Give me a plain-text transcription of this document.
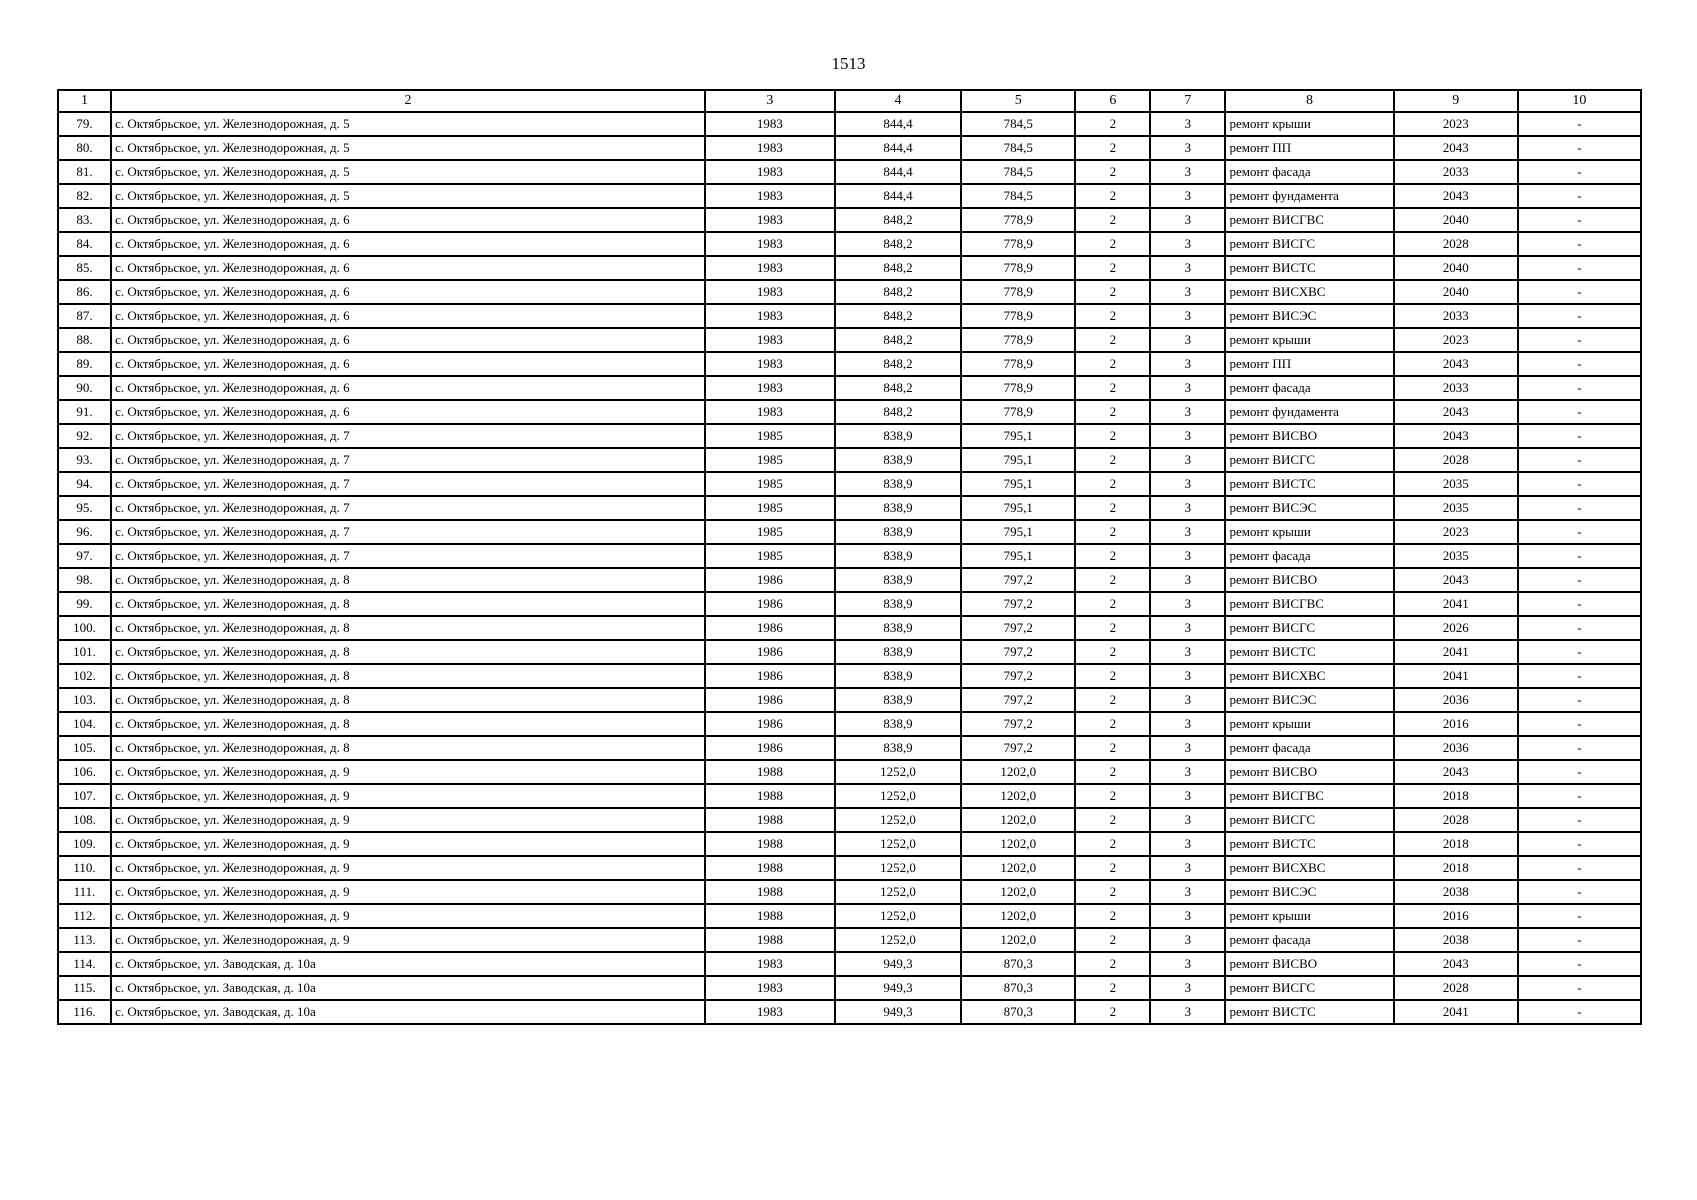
1513
1	2	3	4	5	6	7	8	9	10
79.	с. Октябрьское, ул. Железнодорожная, д. 5	1983	844,4	784,5	2	3	ремонт крыши	2023	-
80.	с. Октябрьское, ул. Железнодорожная, д. 5	1983	844,4	784,5	2	3	ремонт ПП	2043	-
81.	с. Октябрьское, ул. Железнодорожная, д. 5	1983	844,4	784,5	2	3	ремонт фасада	2033	-
82.	с. Октябрьское, ул. Железнодорожная, д. 5	1983	844,4	784,5	2	3	ремонт фундамента	2043	-
83.	с. Октябрьское, ул. Железнодорожная, д. 6	1983	848,2	778,9	2	3	ремонт ВИСГВС	2040	-
84.	с. Октябрьское, ул. Железнодорожная, д. 6	1983	848,2	778,9	2	3	ремонт ВИСГС	2028	-
85.	с. Октябрьское, ул. Железнодорожная, д. 6	1983	848,2	778,9	2	3	ремонт ВИСТС	2040	-
86.	с. Октябрьское, ул. Железнодорожная, д. 6	1983	848,2	778,9	2	3	ремонт ВИСХВС	2040	-
87.	с. Октябрьское, ул. Железнодорожная, д. 6	1983	848,2	778,9	2	3	ремонт ВИСЭС	2033	-
88.	с. Октябрьское, ул. Железнодорожная, д. 6	1983	848,2	778,9	2	3	ремонт крыши	2023	-
89.	с. Октябрьское, ул. Железнодорожная, д. 6	1983	848,2	778,9	2	3	ремонт ПП	2043	-
90.	с. Октябрьское, ул. Железнодорожная, д. 6	1983	848,2	778,9	2	3	ремонт фасада	2033	-
91.	с. Октябрьское, ул. Железнодорожная, д. 6	1983	848,2	778,9	2	3	ремонт фундамента	2043	-
92.	с. Октябрьское, ул. Железнодорожная, д. 7	1985	838,9	795,1	2	3	ремонт ВИСВО	2043	-
93.	с. Октябрьское, ул. Железнодорожная, д. 7	1985	838,9	795,1	2	3	ремонт ВИСГС	2028	-
94.	с. Октябрьское, ул. Железнодорожная, д. 7	1985	838,9	795,1	2	3	ремонт ВИСТС	2035	-
95.	с. Октябрьское, ул. Железнодорожная, д. 7	1985	838,9	795,1	2	3	ремонт ВИСЭС	2035	-
96.	с. Октябрьское, ул. Железнодорожная, д. 7	1985	838,9	795,1	2	3	ремонт крыши	2023	-
97.	с. Октябрьское, ул. Железнодорожная, д. 7	1985	838,9	795,1	2	3	ремонт фасада	2035	-
98.	с. Октябрьское, ул. Железнодорожная, д. 8	1986	838,9	797,2	2	3	ремонт ВИСВО	2043	-
99.	с. Октябрьское, ул. Железнодорожная, д. 8	1986	838,9	797,2	2	3	ремонт ВИСГВС	2041	-
100.	с. Октябрьское, ул. Железнодорожная, д. 8	1986	838,9	797,2	2	3	ремонт ВИСГС	2026	-
101.	с. Октябрьское, ул. Железнодорожная, д. 8	1986	838,9	797,2	2	3	ремонт ВИСТС	2041	-
102.	с. Октябрьское, ул. Железнодорожная, д. 8	1986	838,9	797,2	2	3	ремонт ВИСХВС	2041	-
103.	с. Октябрьское, ул. Железнодорожная, д. 8	1986	838,9	797,2	2	3	ремонт ВИСЭС	2036	-
104.	с. Октябрьское, ул. Железнодорожная, д. 8	1986	838,9	797,2	2	3	ремонт крыши	2016	-
105.	с. Октябрьское, ул. Железнодорожная, д. 8	1986	838,9	797,2	2	3	ремонт фасада	2036	-
106.	с. Октябрьское, ул. Железнодорожная, д. 9	1988	1252,0	1202,0	2	3	ремонт ВИСВО	2043	-
107.	с. Октябрьское, ул. Железнодорожная, д. 9	1988	1252,0	1202,0	2	3	ремонт ВИСГВС	2018	-
108.	с. Октябрьское, ул. Железнодорожная, д. 9	1988	1252,0	1202,0	2	3	ремонт ВИСГС	2028	-
109.	с. Октябрьское, ул. Железнодорожная, д. 9	1988	1252,0	1202,0	2	3	ремонт ВИСТС	2018	-
110.	с. Октябрьское, ул. Железнодорожная, д. 9	1988	1252,0	1202,0	2	3	ремонт ВИСХВС	2018	-
111.	с. Октябрьское, ул. Железнодорожная, д. 9	1988	1252,0	1202,0	2	3	ремонт ВИСЭС	2038	-
112.	с. Октябрьское, ул. Железнодорожная, д. 9	1988	1252,0	1202,0	2	3	ремонт крыши	2016	-
113.	с. Октябрьское, ул. Железнодорожная, д. 9	1988	1252,0	1202,0	2	3	ремонт фасада	2038	-
114.	с. Октябрьское, ул. Заводская, д. 10а	1983	949,3	870,3	2	3	ремонт ВИСВО	2043	-
115.	с. Октябрьское, ул. Заводская, д. 10а	1983	949,3	870,3	2	3	ремонт ВИСГС	2028	-
116.	с. Октябрьское, ул. Заводская, д. 10а	1983	949,3	870,3	2	3	ремонт ВИСТС	2041	-
